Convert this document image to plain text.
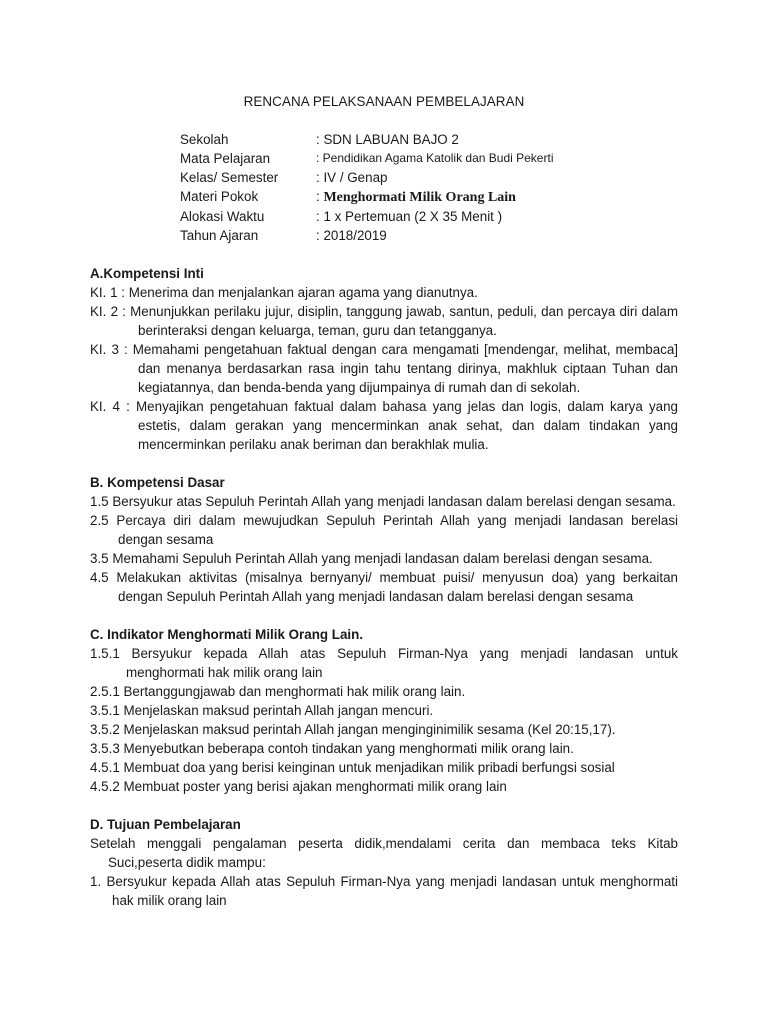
RENCANA PELAKSANAAN PEMBELAJARAN

Sekolah	: SDN LABUAN BAJO 2
Mata Pelajaran	: Pendidikan Agama Katolik dan Budi Pekerti
Kelas/ Semester	: IV / Genap
Materi Pokok	: Menghormati Milik Orang Lain
Alokasi Waktu	: 1 x Pertemuan (2 X 35 Menit )
Tahun Ajaran	: 2018/2019

A.Kompetensi Inti

KI. 1 : Menerima dan menjalankan ajaran agama yang dianutnya.

KI. 2 : Menunjukkan perilaku jujur, disiplin, tanggung jawab, santun, peduli, dan percaya diri dalam berinteraksi dengan keluarga, teman, guru dan tetangganya.

KI. 3 : Memahami pengetahuan faktual dengan cara mengamati [mendengar, melihat, membaca] dan menanya berdasarkan rasa ingin tahu tentang dirinya, makhluk ciptaan Tuhan dan kegiatannya, dan benda-benda yang dijumpainya di rumah dan di sekolah.

KI. 4 : Menyajikan pengetahuan faktual dalam bahasa yang jelas dan logis, dalam karya yang estetis, dalam gerakan yang mencerminkan anak sehat, dan dalam tindakan yang mencerminkan perilaku anak beriman dan berakhlak mulia.

B. Kompetensi Dasar

1.5 Bersyukur atas Sepuluh Perintah Allah yang menjadi landasan dalam berelasi dengan sesama.

2.5 Percaya diri dalam mewujudkan Sepuluh Perintah Allah yang menjadi landasan berelasi dengan sesama

3.5 Memahami Sepuluh Perintah Allah yang menjadi landasan dalam berelasi dengan sesama.

4.5 Melakukan aktivitas (misalnya bernyanyi/ membuat puisi/ menyusun doa) yang berkaitan dengan Sepuluh Perintah Allah yang menjadi landasan dalam berelasi dengan sesama

C. Indikator Menghormati Milik Orang Lain.

1.5.1 Bersyukur kepada Allah atas Sepuluh Firman-Nya yang menjadi landasan untuk menghormati hak milik orang lain

2.5.1 Bertanggungjawab dan menghormati hak milik orang lain.

3.5.1 Menjelaskan maksud perintah Allah jangan mencuri.

3.5.2 Menjelaskan maksud perintah Allah jangan menginginimilik sesama (Kel 20:15,17).

3.5.3 Menyebutkan beberapa contoh tindakan yang menghormati milik orang lain.

4.5.1 Membuat doa yang berisi keinginan untuk menjadikan milik pribadi berfungsi sosial

4.5.2 Membuat poster yang berisi ajakan menghormati milik orang lain

D. Tujuan Pembelajaran

Setelah menggali pengalaman peserta didik,mendalami cerita dan membaca teks Kitab Suci,peserta didik mampu:

1. Bersyukur kepada Allah atas Sepuluh Firman-Nya yang menjadi landasan untuk menghormati hak milik orang lain
